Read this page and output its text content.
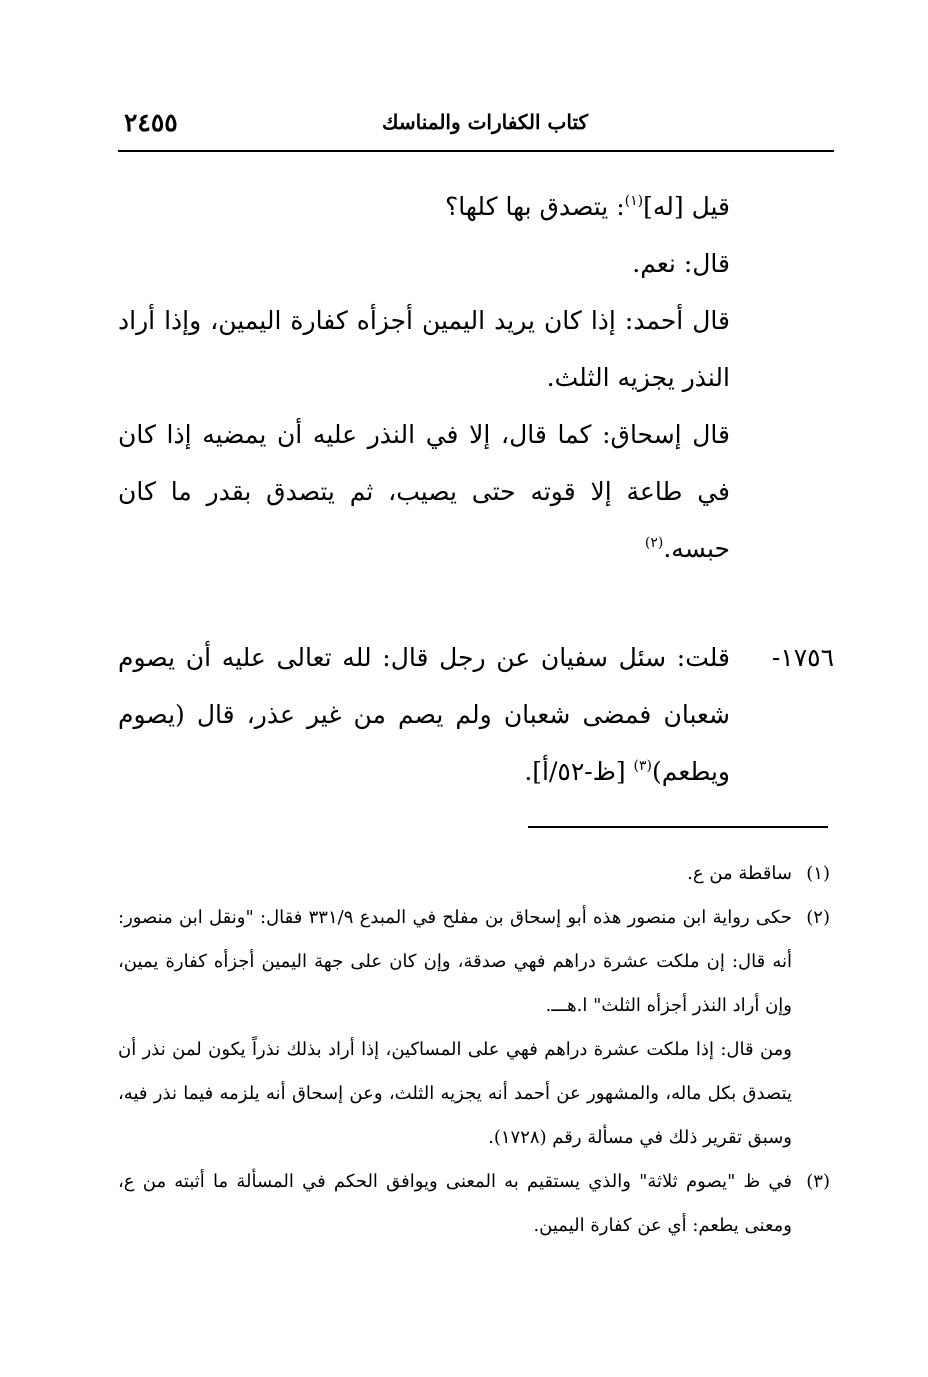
كتاب الكفارات والمناسك
٢٤٥٥

قيل [له]$^{(١)}$: يتصدق بها كلها؟

قال: نعم.

قال أحمد: إذا كان يريد اليمين أجزأه كفارة اليمين، وإذا أراد النذر يجزيه الثلث.

قال إسحاق: كما قال، إلا في النذر عليه أن يمضيه إذا كان في طاعة إلا قوته حتى يصيب، ثم يتصدق بقدر ما كان حبسه.$^{(٢)}$

١٧٥٦-
قلت: سئل سفيان عن رجل قال: لله تعالى عليه أن يصوم شعبان فمضى شعبان ولم يصم من غير عذر، قال (يصوم ويطعم)$^{(٣)}$ [ظ-٥٢/أ].

(١)
ساقطة من ع.

(٢)
حكى رواية ابن منصور هذه أبو إسحاق بن مفلح في المبدع ٣٣١/٩ فقال: "ونقل ابن منصور: أنه قال: إن ملكت عشرة دراهم فهي صدقة، وإن كان على جهة اليمين أجزأه كفارة يمين، وإن أراد النذر أجزأه الثلث" ا.هـــ.

ومن قال: إذا ملكت عشرة دراهم فهي على المساكين، إذا أراد بذلك نذراً يكون لمن نذر أن يتصدق بكل ماله، والمشهور عن أحمد أنه يجزيه الثلث، وعن إسحاق أنه يلزمه فيما نذر فيه، وسبق تقرير ذلك في مسألة رقم (١٧٢٨).

(٣)
في ظ "يصوم ثلاثة" والذي يستقيم به المعنى ويوافق الحكم في المسألة ما أثبته من ع، ومعنى يطعم: أي عن كفارة اليمين.
